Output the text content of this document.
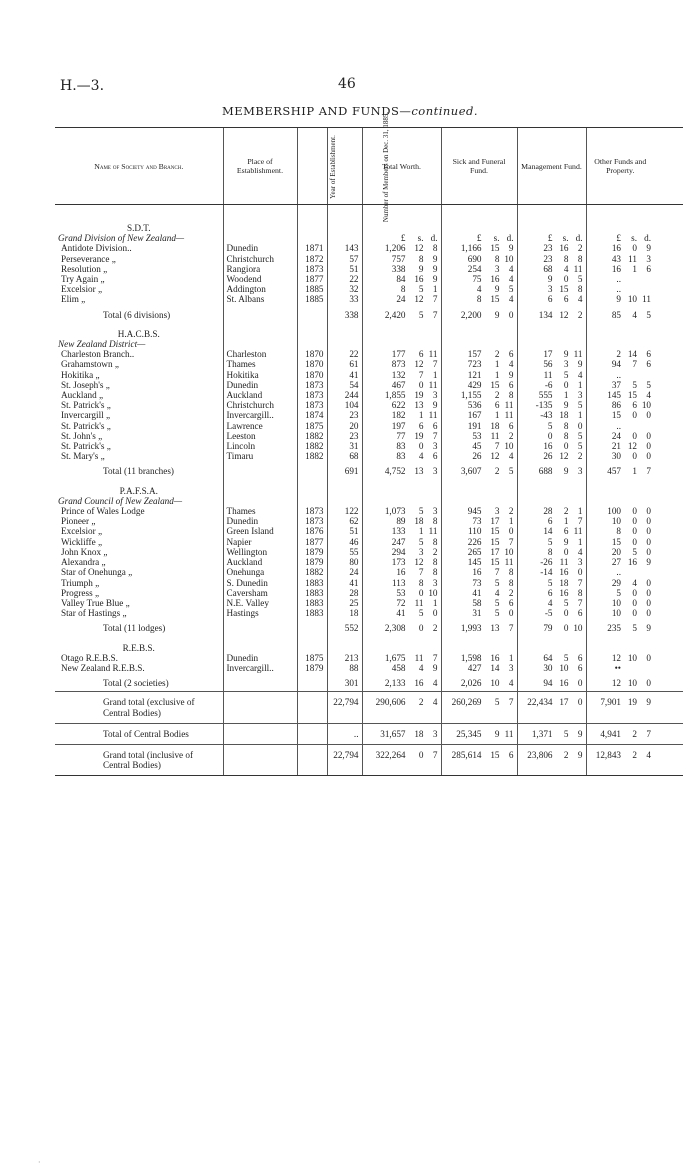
H.—3.	46
MEMBERSHIP AND FUNDS—continued.
Name of Society and Branch.	Place of Establishment.	Year of Establishment.	Number of Members on Dec. 31, 1885.	Total Worth.	Sick and Funeral Fund.	Management Fund.	Other Funds and Property.	
S.D.T.								
Grand Division of New Zealand—				£ s. d.	£ s. d.	£ s. d.	£ s. d.	

Antidote Division..	Dunedin	1871	143	1,206 12 8	1,166 15 9	23 16 2	16 0 9	

Perseverance „	Christchurch	1872	57	757 8 9	690 8 10	23 8 8	43 11 3	

Resolution „	Rangiora	1873	51	338 9 9	254 3 4	68 4 11	16 1 6	

Try Again „	Woodend	1877	22	84 16 9	75 16 4	9 0 5	..	

Excelsior „	Addington	1885	32	8 5 1	4 9 5	3 15 8	..	

Elim „	St. Albans	1885	33	24 12 7	8 15 4	6 6 4	9 10 11	

Total (6 divisions)			338	2,420 5 7	2,200 9 0	134 12 2	85 4 5	

H.A.C.B.S.								
New Zealand District—								
Charleston Branch..	Charleston	1870	22	177 6 11	157 2 6	17 9 11	2 14 6	

Grahamstown „	Thames	1870	61	873 12 7	723 1 4	56 3 9	94 7 6	

Hokitika „	Hokitika	1870	41	132 7 1	121 1 9	11 5 4	..	

St. Joseph's „	Dunedin	1873	54	467 0 11	429 15 6	-6 0 1	37 5 5	

Auckland „	Auckland	1873	244	1,855 19 3	1,155 2 8	555 1 3	145 15 4	

St. Patrick's „	Christchurch	1873	104	622 13 9	536 6 11	-135 9 5	86 6 10	

Invercargill „	Invercargill..	1874	23	182 1 11	167 1 11	-43 18 1	15 0 0	

St. Patrick's „	Lawrence	1875	20	197 6 6	191 18 6	5 8 0	..	

St. John's „	Leeston	1882	23	77 19 7	53 11 2	0 8 5	24 0 0	

St. Patrick's „	Lincoln	1882	31	83 0 3	45 7 10	16 0 5	21 12 0	

St. Mary's „	Timaru	1882	68	83 4 6	26 12 4	26 12 2	30 0 0	

Total (11 branches)			691	4,752 13 3	3,607 2 5	688 9 3	457 1 7	

P.A.F.S.A.								
Grand Council of New Zealand—								
Prince of Wales Lodge	Thames	1873	122	1,073 5 3	945 3 2	28 2 1	100 0 0	

Pioneer „	Dunedin	1873	62	89 18 8	73 17 1	6 1 7	10 0 0	

Excelsior „	Green Island	1876	51	133 1 11	110 15 0	14 6 11	8 0 0	

Wickliffe „	Napier	1877	46	247 5 8	226 15 7	5 9 1	15 0 0	

John Knox „	Wellington	1879	55	294 3 2	265 17 10	8 0 4	20 5 0	

Alexandra „	Auckland	1879	80	173 12 8	145 15 11	-26 11 3	27 16 9	

Star of Onehunga „	Onehunga	1882	24	16 7 8	16 7 8	-14 16 0	..	

Triumph „	S. Dunedin	1883	41	113 8 3	73 5 8	5 18 7	29 4 0	

Progress „	Caversham	1883	28	53 0 10	41 4 2	6 16 8	5 0 0	

Valley True Blue „	N.E. Valley	1883	25	72 11 1	58 5 6	4 5 7	10 0 0	

Star of Hastings „	Hastings	1883	18	41 5 0	31 5 0	-5 0 6	10 0 0	

Total (11 lodges)			552	2,308 0 2	1,993 13 7	79 0 10	235 5 9	

R.E.B.S.								
Otago R.E.B.S.	Dunedin	1875	213	1,675 11 7	1,598 16 1	64 5 6	12 10 0	

New Zealand R.E.B.S.	Invercargill..	1879	88	458 4 9	427 14 3	30 10 6	••	

Total (2 societies)			301	2,133 16 4	2,026 10 4	94 16 0	12 10 0	

Grand total (exclusive of Central Bodies)			22,794	290,606 2 4	260,269 5 7	22,434 17 0	7,901 19 9	

Total of Central Bodies			..	31,657 18 3	25,345 9 11	1,371 5 9	4,941 2 7	

Grand total (inclusive of Central Bodies)			22,794	322,264 0 7	285,614 15 6	23,806 2 9	12,843 2 4	

·
